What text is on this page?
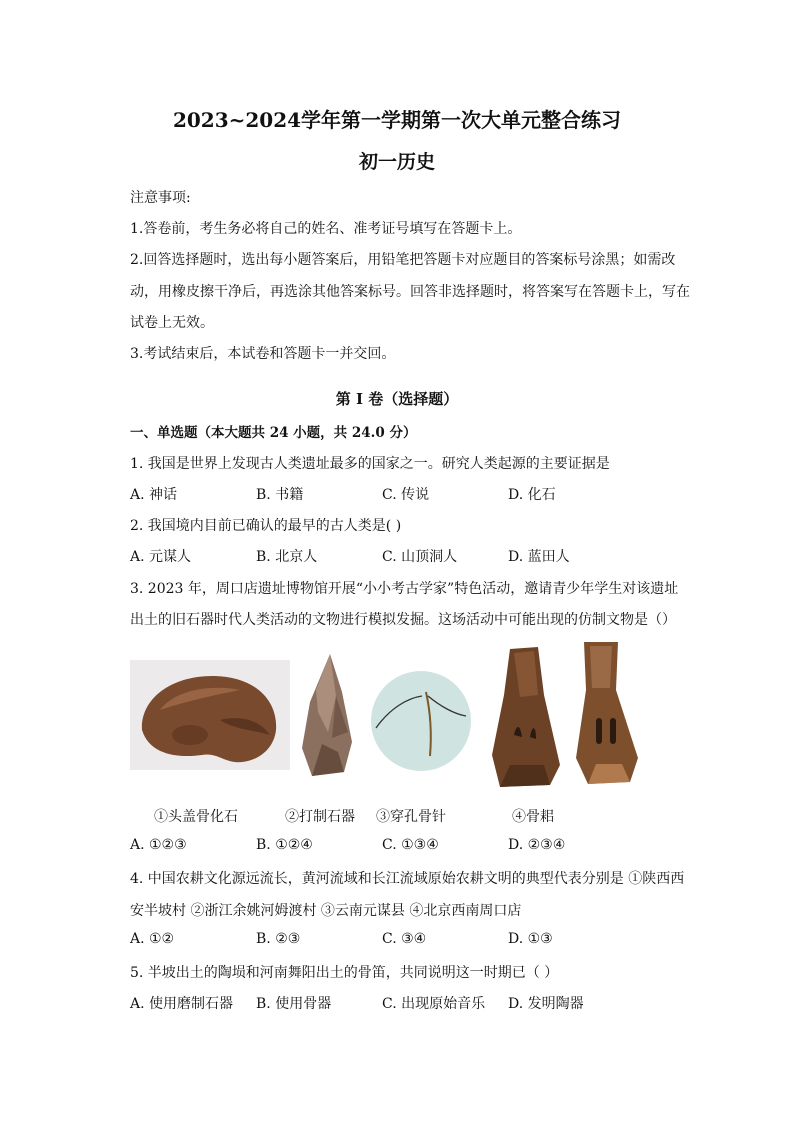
2023~2024学年第一学期第一次大单元整合练习
初一历史
注意事项:
1.答卷前，考生务必将自己的姓名、准考证号填写在答题卡上。
2.回答选择题时，选出每小题答案后，用铅笔把答题卡对应题目的答案标号涂黑；如需改
动，用橡皮擦干净后，再选涂其他答案标号。回答非选择题时，将答案写在答题卡上，写在
试卷上无效。
3.考试结束后，本试卷和答题卡一并交回。
第 I 卷（选择题）
一、单选题（本大题共 24 小题，共 24.0 分）
1. 我国是世界上发现古人类遗址最多的国家之一。研究人类起源的主要证据是
A. 神话	B. 书籍	C. 传说	D. 化石
2. 我国境内目前已确认的最早的古人类是( )
A. 元谋人	B. 北京人	C. 山顶洞人	D. 蓝田人
3. 2023 年，周口店遗址博物馆开展“小小考古学家”特色活动，邀请青少年学生对该遗址
出土的旧石器时代人类活动的文物进行模拟发掘。这场活动中可能出现的仿制文物是（）
①头盖骨化石	②打制石器 ③穿孔骨针	④骨耜
A. ①②③	B. ①②④	C. ①③④	D. ②③④
4. 中国农耕文化源远流长，黄河流域和长江流域原始农耕文明的典型代表分别是 ①陕西西
安半坡村 ②浙江余姚河姆渡村 ③云南元谋县 ④北京西南周口店
A. ①②	B. ②③	C. ③④	D. ①③
5. 半坡出土的陶埙和河南舞阳出土的骨笛，共同说明这一时期已（ ）
A. 使用磨制石器 B. 使用骨器	C. 出现原始音乐 D. 发明陶器
